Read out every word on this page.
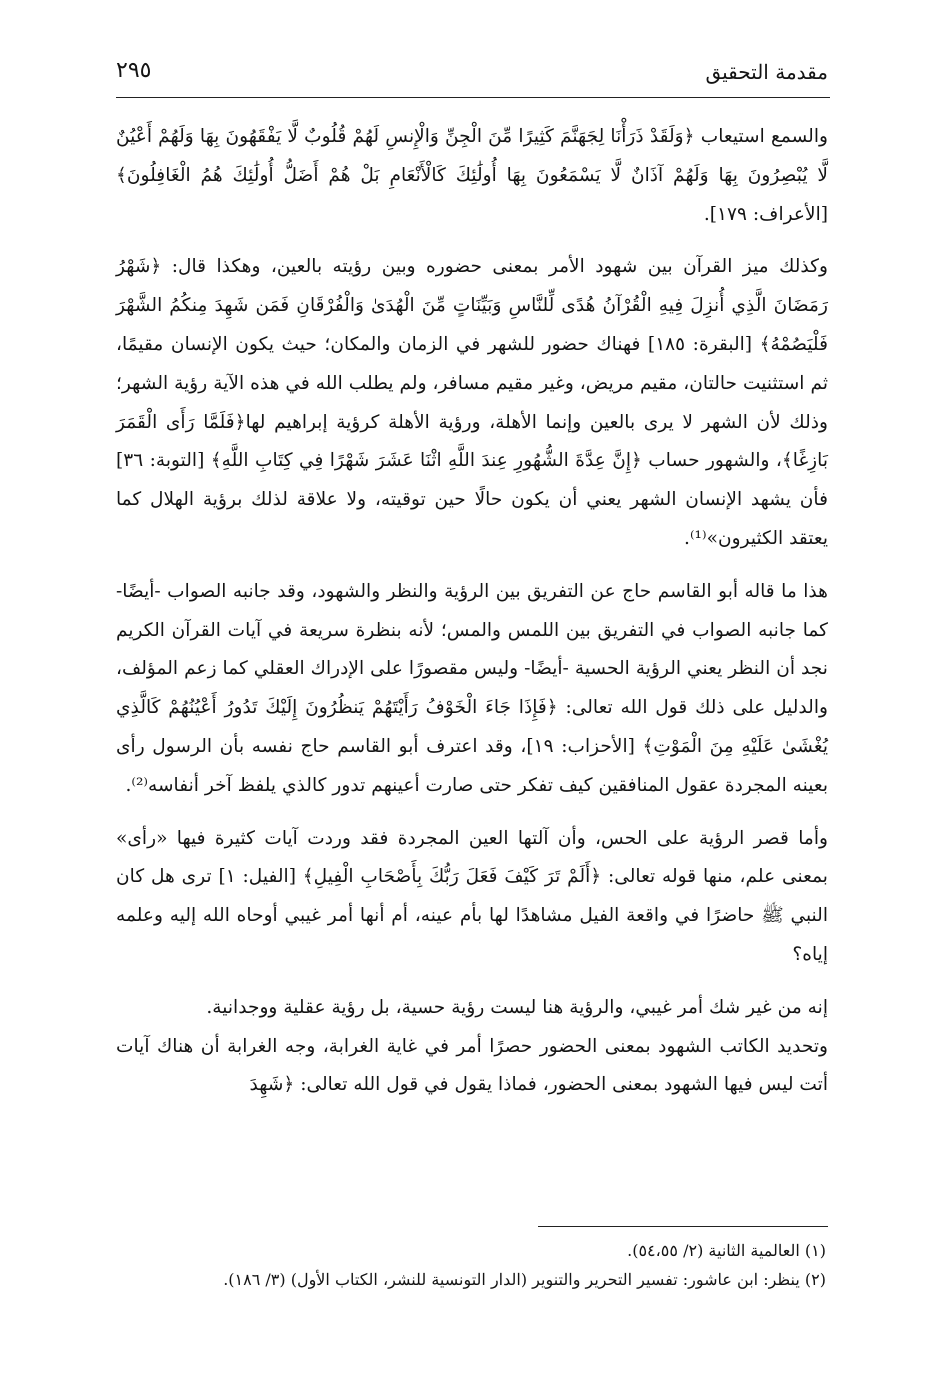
مقدمة التحقيق
٢٩٥

والسمع استيعاب ﴿وَلَقَدْ ذَرَأْنَا لِجَهَنَّمَ كَثِيرًا مِّنَ الْجِنِّ وَالْإِنسِ لَهُمْ قُلُوبٌ لَّا يَفْقَهُونَ بِهَا وَلَهُمْ أَعْيُنٌ لَّا يُبْصِرُونَ بِهَا وَلَهُمْ آذَانٌ لَّا يَسْمَعُونَ بِهَا أُولَٰئِكَ كَالْأَنْعَامِ بَلْ هُمْ أَضَلُّ أُولَٰئِكَ هُمُ الْغَافِلُونَ﴾ [الأعراف: ١٧٩].

وكذلك ميز القرآن بين شهود الأمر بمعنى حضوره وبين رؤيته بالعين، وهكذا قال: ﴿شَهْرُ رَمَضَانَ الَّذِي أُنزِلَ فِيهِ الْقُرْآنُ هُدًى لِّلنَّاسِ وَبَيِّنَاتٍ مِّنَ الْهُدَىٰ وَالْفُرْقَانِ فَمَن شَهِدَ مِنكُمُ الشَّهْرَ فَلْيَصُمْهُ﴾ [البقرة: ١٨٥] فهناك حضور للشهر في الزمان والمكان؛ حيث يكون الإنسان مقيمًا، ثم استثنيت حالتان، مقيم مريض، وغير مقيم مسافر، ولم يطلب الله في هذه الآية رؤية الشهر؛ وذلك لأن الشهر لا يرى بالعين وإنما الأهلة، ورؤية الأهلة كرؤية إبراهيم لها﴿فَلَمَّا رَأَى الْقَمَرَ بَازِغًا﴾، والشهور حساب ﴿إِنَّ عِدَّةَ الشُّهُورِ عِندَ اللَّهِ اثْنَا عَشَرَ شَهْرًا فِي كِتَابِ اللَّهِ﴾ [التوبة: ٣٦] فأن يشهد الإنسان الشهر يعني أن يكون حالًا حين توقيته، ولا علاقة لذلك برؤية الهلال كما يعتقد الكثيرون»⁽¹⁾.

هذا ما قاله أبو القاسم حاج عن التفريق بين الرؤية والنظر والشهود، وقد جانبه الصواب -أيضًا- كما جانبه الصواب في التفريق بين اللمس والمس؛ لأنه بنظرة سريعة في آيات القرآن الكريم نجد أن النظر يعني الرؤية الحسية -أيضًا- وليس مقصورًا على الإدراك العقلي كما زعم المؤلف، والدليل على ذلك قول الله تعالى: ﴿فَإِذَا جَاءَ الْخَوْفُ رَأَيْتَهُمْ يَنظُرُونَ إِلَيْكَ تَدُورُ أَعْيُنُهُمْ كَالَّذِي يُغْشَىٰ عَلَيْهِ مِنَ الْمَوْتِ﴾ [الأحزاب: ١٩]، وقد اعترف أبو القاسم حاج نفسه بأن الرسول رأى بعينه المجردة عقول المنافقين كيف تفكر حتى صارت أعينهم تدور كالذي يلفظ آخر أنفاسه⁽²⁾.

وأما قصر الرؤية على الحس، وأن آلتها العين المجردة فقد وردت آيات كثيرة فيها «رأى» بمعنى علم، منها قوله تعالى: ﴿أَلَمْ تَرَ كَيْفَ فَعَلَ رَبُّكَ بِأَصْحَابِ الْفِيلِ﴾ [الفيل: ١] ترى هل كان النبي ﷺ حاضرًا في واقعة الفيل مشاهدًا لها بأم عينه، أم أنها أمر غيبي أوحاه الله إليه وعلمه إياه؟

إنه من غير شك أمر غيبي، والرؤية هنا ليست رؤية حسية، بل رؤية عقلية ووجدانية.

وتحديد الكاتب الشهود بمعنى الحضور حصرًا أمر في غاية الغرابة، وجه الغرابة أن هناك آيات أتت ليس فيها الشهود بمعنى الحضور، فماذا يقول في قول الله تعالى: ﴿شَهِدَ

(١) العالمية الثانية (٢/ ٥٤،٥٥).

(٢) ينظر: ابن عاشور: تفسير التحرير والتنوير (الدار التونسية للنشر، الكتاب الأول) (٣/ ١٨٦).
